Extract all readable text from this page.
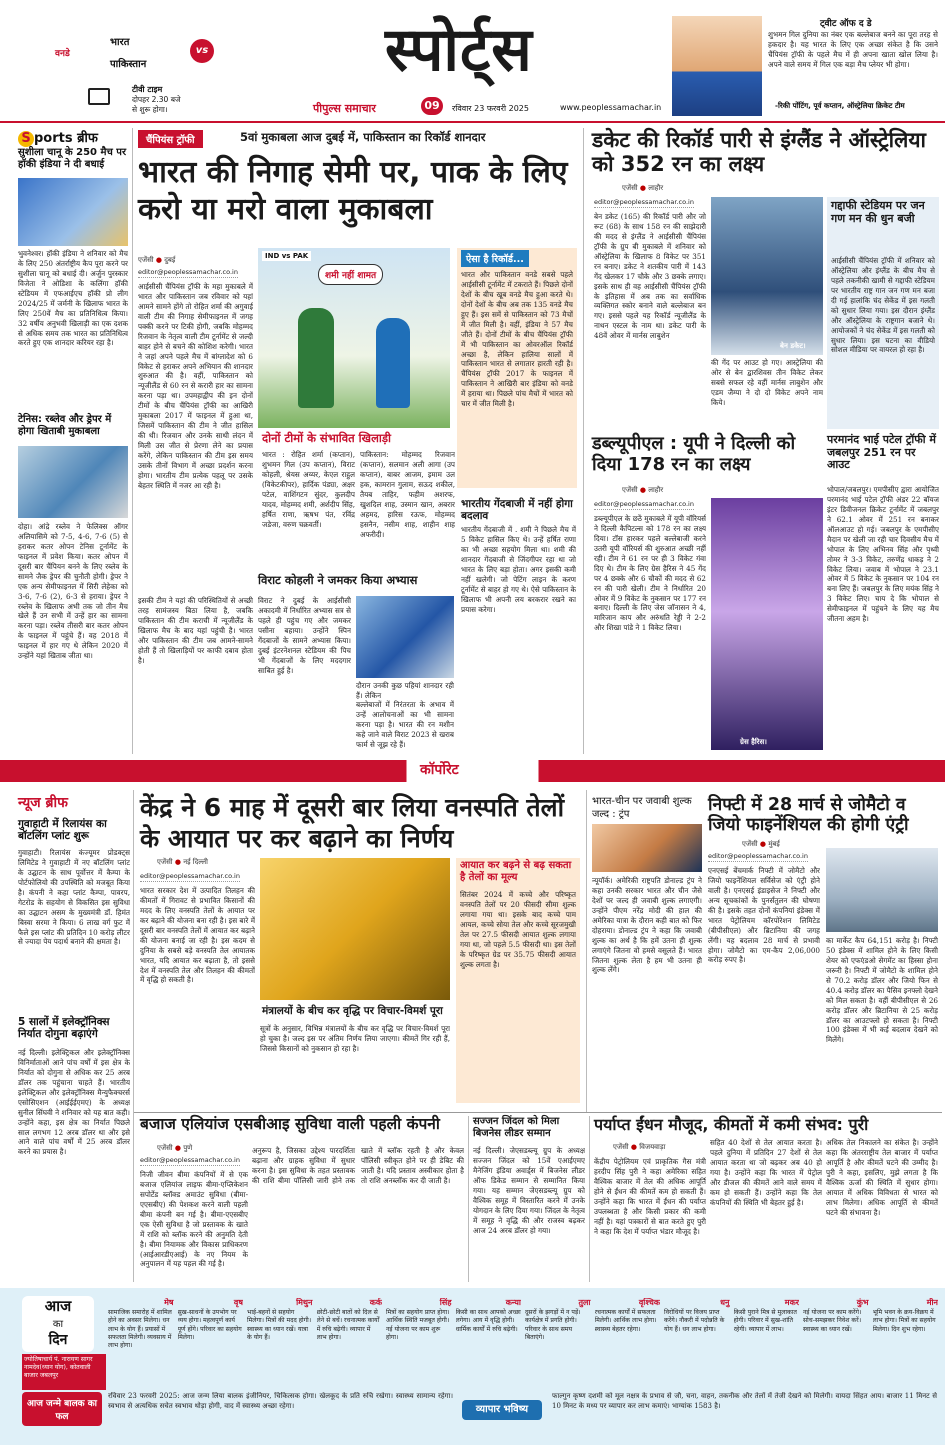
वनडे
भारत
पाकिस्तान
vs
टीवी टाइम
दोपहर 2.30 बजे
से शुरू होगा।
स्पोर्ट्स
पीपुल्स समाचार	09	रविवार 23 फरवरी 2025	www.peoplessamachar.in
ट्वीट ऑफ द डे
शुभमन गिल दुनिया का नंबर एक बल्लेबाज बनने का पूरा तरह से हकदार है। यह भारत के लिए एक अच्छा संकेत है कि उसने चैंपियंस ट्रॉफी के पहले मैच में ही अपना खाता खोल लिया है। अपने वाले समय में गिल एक बड़ा मैच प्लेयर भी होगा।
-रिकी पोंटिंग, पूर्व कप्तान, ऑस्ट्रेलिया क्रिकेट टीम
S ports ब्रीफ
सुशीला चानू के 250 मैच पर हॉकी इंडिया ने दी बधाई
भुवनेश्वर। हॉकी इंडिया ने शनिवार को मैच के लिए 250 अंतर्राष्ट्रीय कैप पूरा करने पर सुशीला चानू को बधाई दी। अर्जुन पुरस्कार विजेता ने ओडिशा के कलिंगा हॉकी स्टेडियम में एफआईएच हॉकी प्रो लीग 2024/25 में जर्मनी के खिलाफ भारत के लिए 250वें मैच का प्रतिनिधित्व किया। 32 वर्षीय अनुभवी खिलाड़ी का एक दशक से अधिक समय तक भारत का प्रतिनिधित्व करते हुए एक शानदार करियर रहा है।
टेनिस: रब्लेव और ड्रेपर में होगा खिताबी मुकाबला
दोहा। आंद्रे रब्लेव ने फेलिक्स ऑगर अलियासिमे को 7-5, 4-6, 7-6 (5) से हराकर कतर ओपन टेनिस टूर्नामेंट के फाइनल में प्रवेश किया। कतर ओपन में दूसरी बार चैंपियन बनने के लिए रब्लेव के सामने जैक ड्रेपर की चुनौती होगी। ड्रेपर ने एक अन्य सेमीफाइनल में सिरी लेहेका को 3-6, 7-6 (2), 6-3 से हराया। ड्रेपर ने रब्लेव के खिलाफ अभी तक जो तीन मैच खेले हैं उन सभी में उन्हें हार का सामना करना पड़ा। रब्लेव तीसरी बार कतर ओपन के फाइनल में पहुंचे हैं। वह 2018 में फाइनल में हार गए थे लेकिन 2020 में उन्होंने यहां खिताब जीता था।
चैंपियंस ट्रॉफी	5वां मुकाबला आज दुबई में, पाकिस्तान का रिकॉर्ड शानदार
भारत की निगाह सेमी पर, पाक के लिए करो या मरो वाला मुकाबला
एजेंसी ● दुबई
editor@peoplessamachar.co.in
IND vs PAK
शमी नहीं शामत
दोनों टीमों के संभावित खिलाड़ी
आईसीसी चैंपियंस ट्रॉफी के महा मुकाबले में भारत और पाकिस्तान जब रविवार को यहां आमने सामने होंगे तो रोहित शर्मा की अगुवाई वाली टीम की निगाह सेमीफाइनल में जगह पक्की करने पर टिकी होगी, जबकि मोहम्मद रिजवान के नेतृत्व वाली टीम टूर्नामेंट से जल्दी बाहर होने से बचने की कोशिश करेगी। भारत ने जहां अपने पहले मैच में बांग्लादेश को 6 विकेट से हराकर अपने अभियान की शानदार शुरुआत की है। वहीं, पाकिस्तान को न्यूजीलैंड से 60 रन से करारी हार का सामना करना पड़ा था। उपमहाद्वीप की इन दोनों टीमों के बीच चैंपियंस ट्रॉफी का आखिरी मुकाबला 2017 में फाइनल में हुआ था, जिसमें पाकिस्तान की टीम ने जीत हासिल की थी। रिजवान और उनके साथी लंदन में मिली उस जीत से प्रेरणा लेने का प्रयास करेंगे, लेकिन पाकिस्तान की टीम इस समय उसके तीनों विभाग में अच्छा प्रदर्शन करना होगा। भारतीय टीम प्रत्येक पहलू पर उसके बेहतर स्थिति में नजर आ रही है।
भारत : रोहित शर्मा (कप्तान), शुभमन गिल (उप कप्तान), विराट कोहली, श्रेयस अय्यर, केएल राहुल (विकेटकीपर), हार्दिक पंड्या, अक्षर पटेल, वाशिंगटन सुंदर, कुलदीप यादव, मोहम्मद शमी, अर्शदीप सिंह, हर्षित राणा, ऋषभ पंत, रविंद्र जडेजा, वरुण चक्रवर्ती।
पाकिस्तान: मोहम्मद रिजवान (कप्तान), सलमान अली आगा (उप कप्तान), बाबर आजम, इमाम उल हक, कामरान गुलाम, सऊद शकील, तैयब ताहिर, फहीम अशरफ, खुशदिल शाह, उस्मान खान, अबरार अहमद, हारिस रऊफ, मोहम्मद हसनैन, नसीम शाह, शाहीन शाह अफरीदी।
ऐसा है रिकॉर्ड...
भारत और पाकिस्तान वनडे सबसे पहले आईसीसी टूर्नामेंट में टकराते हैं। पिछले दोनों देशों के बीच खूब वनडे मैच हुआ करते थे। दोनों देशों के बीच अब तक 135 वनडे मैच हुए हैं। इस समें से पाकिस्तान को 73 मैचों में जीत मिली है। वहीं, इंडिया ने 57 मैच जीते हैं। दोनों टीमों के बीच चैंपियंस ट्रॉफी में भी पाकिस्तान का ओवरऑल रिकॉर्ड अच्छा है, लेकिन हालिया सालों में पाकिस्तान भारत से लगातार हारती रही है। चैंपियंस ट्रॉफी 2017 के फाइनल में पाकिस्तान ने आखिरी बार इंडिया को वनडे में हराया था। पिछले पांच मैचों में भारत को चार में जीत मिली है।
भारतीय गेंदबाजी में नहीं होगा बदलाव
भारतीय गेंदबाजी में . शमी ने पिछले मैच में 5 विकेट हासिल किए थे। उन्हें हर्षित राणा का भी अच्छा सहयोग मिला था। शमी की शानदार गेंदबाजी से जिंदगीपर रहा था जो भारत के लिए बड़ा होता। अगर इसकी कमी नहीं खलेगी। जो पेटिंग लाइन के करण टूर्नामेंट से बाहर हो गए थे। ऐसे पाकिस्तान के खिलाफ भी अपनी लय बरकरार रखने का प्रयास करेगा।
विराट कोहली ने जमकर किया अभ्यास
इसकी टीम ने यहां की परिस्थितियों से अच्छी तरह सामंजस्य बिठा लिया है, जबकि पाकिस्तान की टीम कराची में न्यूजीलैंड के खिलाफ मैच के बाद यहां पहुंची है। भारत और पाकिस्तान की टीम जब आमने-सामने होती हैं तो खिलाड़ियों पर काफी दबाव होता है।
विराट ने दुबई के आईसीसी अकादमी में निर्धारित अभ्यास सत्र से पहले ही पहुंच गए और जमकर पसीना बहाया। उन्होंने स्पिन गेंदबाजों के सामने अभ्यास किया। दुबई इंटरनेशनल स्टेडियम की पिच भी गेंदबाजों के लिए मददगार साबित हुई है।
दौरान उनकी कुछ पहियां शानदार रही हैं। लेकिन
बल्लेबाजों में निरंतरता के अभाव में उन्हें आलोचनाओं का भी सामना करना पड़ा है। भारत की रन मशीन कहे जाने वाले विराट 2023 से खराब फार्म से जूझ रहे हैं।
डकेट की रिकॉर्ड पारी से इंग्लैंड ने ऑस्ट्रेलिया को 352 रन का लक्ष्य
एजेंसी ● लाहौर
editor@peoplessamachar.co.in
बेन डकेट (165) की रिकॉर्ड पारी और जो रूट (68) के साथ 158 रन की साझेदारी की मदद से इंग्लैंड ने आईसीसी चैंपियंस ट्रॉफी के ग्रुप बी मुकाबले में शनिवार को ऑस्ट्रेलिया के खिलाफ 8 विकेट पर 351 रन बनाए। डकेट ने शतकीय पारी में 143 गेंद खेलकर 17 चौके और 3 छक्के लगाए। इसके साथ ही वह आईसीसी चैंपियंस ट्रॉफी के इतिहास में अब तक का सर्वाधिक व्यक्तिगत स्कोर बनाने वाले बल्लेबाज बन गए। इससे पहले यह रिकॉर्ड न्यूजीलैंड के नाथन एस्टल के नाम था। डकेट पारी के 48वें ओवर में मार्नस लाबुशेन
बेन डकेट।
की गेंद पर आउट हो गए। आस्ट्रेलिया की ओर से बेन द्वारशिवस तीन विकेट लेकर सबसे सफल रहे वहीं मार्नस लाबुशेन और एडम जैम्पा ने दो दो विकेट अपने नाम किये।
गद्दाफी स्टेडियम पर जन गण मन की धुन बजी
आईसीसी चैंपियंस ट्रॉफी में शनिवार को ऑस्ट्रेलिया और इंग्लैंड के बीच मैच से पहले तकनीकी खामी से गद्दाफी स्टेडियम पर भारतीय राष्ट्र गान जन गण मन बजा दी गई हालांकि चंद सेकेंड में इस गलती को सुधार लिया गया। इस दौरान इंग्लैंड और ऑस्ट्रेलिया के राष्ट्रगान बजाने थे। आयोजकों ने चंद सेकेंड में इस गलती को सुधार लिया। इस घटना का वीडियो सोशल मीडिया पर वायरल हो रहा है।
डब्ल्यूपीएल : यूपी ने दिल्ली को दिया 178 रन का लक्ष्य
एजेंसी ● लाहौर
editor@peoplessamachar.co.in
डब्ल्यूपीएल के छठें मुकाबले में यूपी वॉरियर्स ने दिल्ली कैपिटल्स को 178 रन का लक्ष्य दिया। टॉस हारकर पहले बल्लेबाजी करने उतरी यूपी वॉरियर्स की शुरुआत अच्छी नहीं रही। टीम ने 61 रन पर ही 3 विकेट गंवा दिए थे। टीम के लिए ग्रेस हैरिस ने 45 गेंद पर 4 छक्के और 6 चौकों की मदद से 62 रन की पारी खेली। टीम ने निर्धारित 20 ओवर में 9 विकेट के नुकसान पर 177 रन बनाए। दिल्ली के लिए जेस जॉनासन ने 4, मारिजान काप और अरुंधति रेड्डी ने 2-2 और शिखा पांडे ने 1 विकेट लिया।
ग्रेस हैरिस।
परमानंद भाई पटेल ट्रॉफी में जबलपुर 251 रन पर आउट
भोपाल/जबलपुर। एमपीसीए द्वारा आयोजित परमानंद भाई पटेल ट्रॉफी अंडर 22 बॉयज इंटर डिवीजनल क्रिकेट टूर्नामेंट में जबलपुर ने 62.1 ओवर में 251 रन बनाकर ऑलआउट हो गई। जबलपुर के एमपीसीए मैदान पर खेली जा रही चार दिवसीय मैच में भोपाल के लिए अभिनव सिंह और पृथ्वी तोमर ने 3-3 विकेट, तरुणेंद्र धाकड़ ने 2 विकेट लिया। जवाब में भोपाल ने 23.1 ओवर में 5 विकेट के नुकसान पर 104 रन बना लिए हैं। जबलपुर के लिए मयंक सिंह ने 3 विकेट लिए। चाय दे कि भोपाल से सेमीफाइनल में पहुंचने के लिए यह मैच जीतना अहम है।
कॉर्पोरेट
न्यूज ब्रीफ
गुवाहाटी में रिलायंस का बॉटलिंग प्लांट शुरू
गुवाहाटी। रिलायंस कंज्यूमर प्रोडक्ट्स लिमिटेड ने गुवाहाटी में नए बॉटलिंग प्लांट के उद्घाटन के साथ पूर्वोत्तर में कैम्पा के पोर्टफोलियो की उपस्थिति को मजबूत किया है। कंपनी ने कहा प्लांट कैम्पा, पावरप, गेटरोड के सहयोग से विकसित इस सुविधा का उद्घाटन असम के मुख्यमंत्री डॉ. हिमंत बिस्वा सरमा ने किया। 6 लाख वर्ग फुट में फैले इस प्लांट की प्रतिदिन 10 करोड़ लीटर से ज्यादा पेय पदार्थ बनाने की क्षमता है।
5 सालों में इलेक्ट्रॉनिक्स निर्यात दोगुना बढ़ाएंगे
नई दिल्ली। इलेक्ट्रिकल और इलेक्ट्रॉनिक्स विनिर्माताओं आने पांच वर्षों में इस क्षेत्र के निर्यात को दोगुना से अधिक कर 25 अरब डॉलर तक पहुंचाना चाहते हैं। भारतीय इलेक्ट्रिकल और इलेक्ट्रॉनिक्स मैन्युफैक्चरर्स एसोसिएशन (आईईईएमए) के अध्यक्ष सुनील सिंघवी ने शनिवार को यह बात कही। उन्होंने कहा, इस क्षेत्र का निर्यात पिछले साल लगभग 12 अरब डॉलर था और इसे आने वाले पांच वर्षों में 25 अरब डॉलर करने का प्रयास है।
केंद्र ने 6 माह में दूसरी बार लिया वनस्पति तेलों के आयात पर कर बढ़ाने का निर्णय
एजेंसी ● नई दिल्ली
editor@peoplessamachar.co.in
भारत सरकार देश में उत्पादित तिलहन की कीमतों में गिरावट से प्रभावित किसानों की मदद के लिए वनस्पति तेलों के आयात पर कर बढ़ाने की योजना बना रही है। इस बारे में दूसरी बार वनस्पति तेलों में आयात कर बढ़ाने की योजना बनाई जा रही है। इस कदम से दुनिया के सबसे बड़े वनस्पति तेल आयातक भारत, यदि आयात कर बढ़ाता है, तो इससे देश में वनस्पति तेल और तिलहन की कीमतों में वृद्धि हो सकती है।
मंत्रालयों के बीच कर वृद्धि पर विचार-विमर्श पूरा
सूत्रों के अनुसार, विभिन्न मंत्रालयों के बीच कर वृद्धि पर विचार-विमर्श पूरा हो चुका है। जल्द इस पर अंतिम निर्णय लिया जाएगा। कीमतें गिर रही हैं, जिससे किसानों को नुकसान हो रहा है।
आयात कर बढ़ने से बढ़ सकता है तेलों का मूल्य
सितंबर 2024 में कच्चे और परिष्कृत वनस्पति तेलों पर 20 फीसदी सीमा शुल्क लगाया गया था। इसके बाद कच्चे पाम आयल, कच्चे सोया तेल और कच्चे सूरजमुखी तेल पर 27.5 फीसदी आयात शुल्क लगाया गया था, जो पहले 5.5 फीसदी था। इस तेलों के परिष्कृत ग्रेड पर 35.75 फीसदी आयात शुल्क लगता है।
भारत-चीन पर जवाबी शुल्क जल्द : ट्रंप
न्यूयॉर्क। अमेरिकी राष्ट्रपति डोनाल्ड ट्रंप ने कहा उनकी सरकार भारत और चीन जैसे देशों पर जल्द ही जवाबी शुल्क लगाएगी। उन्होंने पीएम नरेंद्र मोदी की हाल की अमेरिका यात्रा के दौरान कही बात को फिर दोहराया। डोनाल्ड ट्रंप ने कहा कि जवाबी शुल्क का अर्थ है कि हमें उतना ही शुल्क लगाएंगे जितना वो हमसे वसूलते हैं। भारत जितना शुल्क लेता है हम भी उतना ही शुल्क लेंगे।
निफ्टी में 28 मार्च से जोमैटो व जियो फाइनेंशियल की होगी एंट्री
एजेंसी ● मुंबई
editor@peoplessamachar.co.in
एनएसई बेंचमार्क निफ्टी में जोमैटो और जियो फाइनेंशियल सर्विसेज को एंट्री होने वाली है। एनएसई इंडाइसेज ने निफ्टी और अन्य सूचकांकों के पुनर्संतुलन की घोषणा की है। इसके तहत दोनों कंपनियां इंडेक्स में भारत पेट्रोलियम कॉरपोरेशन लिमिटेड (बीपीसीएल) और ब्रिटानिया की जगह लेंगी। यह बदलाव 28 मार्च से प्रभावी होगा। जोमैटो का एम-कैप 2,06,000 करोड़ रुपए है।
का मार्केट कैप 64,151 करोड़ है। निफ्टी 50 इंडेक्स में शामिल होने के लिए किसी शेयर को एफएंडओ सेगमेंट का हिस्सा होना जरूरी है। निफ्टी में जोमैटो के शामिल होने से 70.2 करोड़ डॉलर और जियो फिन से 40.4 करोड़ डॉलर का पैसिव इनफ्लो देखने को मिल सकता है। वहीं बीपीसीएल से 26 करोड़ डॉलर और ब्रिटानिया से 25 करोड़ डॉलर का आउटफ्लो हो सकता है। निफ्टी 100 इंडेक्स में भी कई बदलाव देखने को मिलेंगे।
बजाज एलियांज एसबीआइ सुविधा वाली पहली कंपनी
एजेंसी ● पुणे
editor@peoplessamachar.co.in
निजी जीवन बीमा कंपनियों में से एक बजाज एलियांज लाइफ बीमा-एप्लिकेशन सपोर्टेड ब्लॉक्ड अमाउंट सुविधा (बीमा-एएसबीए) की पेशकश करने वाली पहली बीमा कंपनी बन गई है। बीमा-एएसबीए एक ऐसी सुविधा है जो प्रस्तावक के खाते में राशि को ब्लॉक करने की अनुमति देती है। बीमा नियामक और विकास प्राधिकरण (आईआरडीएआई) के नए नियम के अनुपालन में यह पहल की गई है।
अनुरूप है, जिसका उद्देश्य पारदर्शिता बढ़ाना और ग्राहक सुविधा में सुधार करना है। इस सुविधा के तहत प्रस्तावक की राशि बीमा पॉलिसी जारी होने तक खाते में ब्लॉक रहती है और केवल पॉलिसी स्वीकृत होने पर ही डेबिट की जाती है। यदि प्रस्ताव अस्वीकार होता है तो राशि अनब्लॉक कर दी जाती है।
सज्जन जिंदल को मिला बिजनेस लीडर सम्मान
नई दिल्ली। जेएसडब्ल्यू ग्रुप के अध्यक्ष सज्जन जिंदल को 15वें एआईएमए मैनेजिंग इंडिया अवार्ड्स में बिजनेस लीडर ऑफ डिकेड सम्मान से सम्मानित किया गया। यह सम्मान जेएसडब्ल्यू ग्रुप को वैश्विक समूह में विस्तारित करने में उनके योगदान के लिए दिया गया। जिंदल के नेतृत्व में समूह ने वृद्धि की और राजस्व बढ़कर आज 24 अरब डॉलर हो गया।
पर्याप्त ईंधन मौजूद, कीमतों में कमी संभव: पुरी
एजेंसी ● विजयवाड़ा
केंद्रीय पेट्रोलियम एवं प्राकृतिक गैस मंत्री हरदीप सिंह पुरी ने कहा अमेरिका सहित वैश्विक बाजार में तेल की अधिक आपूर्ति होने से ईंधन की कीमतें कम हो सकती हैं। उन्होंने कहा कि भारत में ईंधन की पर्याप्त उपलब्धता है और किसी प्रकार की कमी नहीं है। यहां पत्रकारों से बात करते हुए पुरी ने कहा कि देश में पर्याप्त भंडार मौजूद है।
सहित 40 देशों से तेल आयात करता है। पहले दुनिया में प्रतिदिन 27 देशों से तेल आयात करता था जो बढ़कर अब 40 हो गया है। उन्होंने कहा कि भारत में पेट्रोल और डीजल की कीमतें आने वाले समय में कम हो सकती हैं। उन्होंने कहा कि तेल कंपनियों की स्थिति भी बेहतर हुई है।
अधिक तेल निकालने का संकेत है। उन्होंने कहा कि अंतरराष्ट्रीय तेल बाजार में पर्याप्त आपूर्ति है और कीमतें घटने की उम्मीद है। पुरी ने कहा, इसलिए, मुझे लगता है कि वैश्विक ऊर्जा की स्थिति में सुधार होगा। आयात में अधिक विविधता से भारत को लाभ मिलेगा। अधिक आपूर्ति से कीमतें घटने की संभावना है।
आज
का
दिन
ज्योतिषाचार्य पं. नारायण सागर नामदेव(ध्यान योग), कोतवाली बाजार जबलपुर
मेष
सामाजिक समारोह में शामिल होने का अवसर मिलेगा। धन लाभ के योग हैं। प्रयासों में सफलता मिलेगी। व्यवसाय में लाभ होगा।
वृष
सुख-साधनों के उपभोग पर व्यय होगा। महत्वपूर्ण कार्य पूर्ण होंगे। परिवार का सहयोग मिलेगा।
मिथुन
भाई-बहनों से सहयोग मिलेगा। मित्रों की मदद होगी। स्वास्थ्य का ध्यान रखें। यात्रा के योग हैं।
कर्क
छोटी-छोटी बातों को दिल से लेने से बचें। रचनात्मक कार्यों में रुचि बढ़ेगी। व्यापार में लाभ होगा।
सिंह
मित्रों का सहयोग प्राप्त होगा। आर्थिक स्थिति मजबूत होगी। नई योजना पर काम शुरू होगा।
कन्या
किसी का साथ आपको अच्छा लगेगा। आय में वृद्धि होगी। धार्मिक कार्यों में रुचि बढ़ेगी।
तुला
दूसरों के झगड़ों में न पड़ें। कार्यक्षेत्र में प्रगति होगी। परिवार के साथ समय बिताएंगे।
वृश्चिक
रचनात्मक कार्यों में सफलता मिलेगी। आर्थिक लाभ होगा। स्वास्थ्य बेहतर रहेगा।
धनु
विरोधियों पर विजय प्राप्त करेंगे। नौकरी में पदोन्नति के योग हैं। धन लाभ होगा।
मकर
किसी पुराने मित्र से मुलाकात होगी। परिवार में सुख-शांति रहेगी। व्यापार में लाभ।
कुंभ
नई योजना पर काम करेंगे। सोच-समझकर निवेश करें। स्वास्थ्य का ध्यान रखें।
मीन
भूमि भवन के क्रय-विक्रय में लाभ होगा। मित्रों का सहयोग मिलेगा। दिन शुभ रहेगा।
आज जन्मे बालक का फल
रविवार 23 फरवरी 2025: आज जन्म लिया बालक इंजीनियर, चिकित्सक होगा। खेलकूद के प्रति रुचि रखेगा। स्वास्थ्य सामान्य रहेगा। स्वभाव से अत्यधिक सचेत स्वभाव थोड़ा होगी, वाद में स्वास्थ्य अच्छा रहेगा।	व्यापार भविष्य
फाल्गुन कृष्ण दशमी को मूल नक्षत्र के प्रभाव से जौ, चना, वाहन, तकनीक और तेलों में तेजी देखने को मिलेगी। वायदा सिंहत आय। बाजार 11 मिनट से 10 मिनट के मध्य पर व्यापार कर लाभ कमाएं। भाग्यांक 1583 है।
